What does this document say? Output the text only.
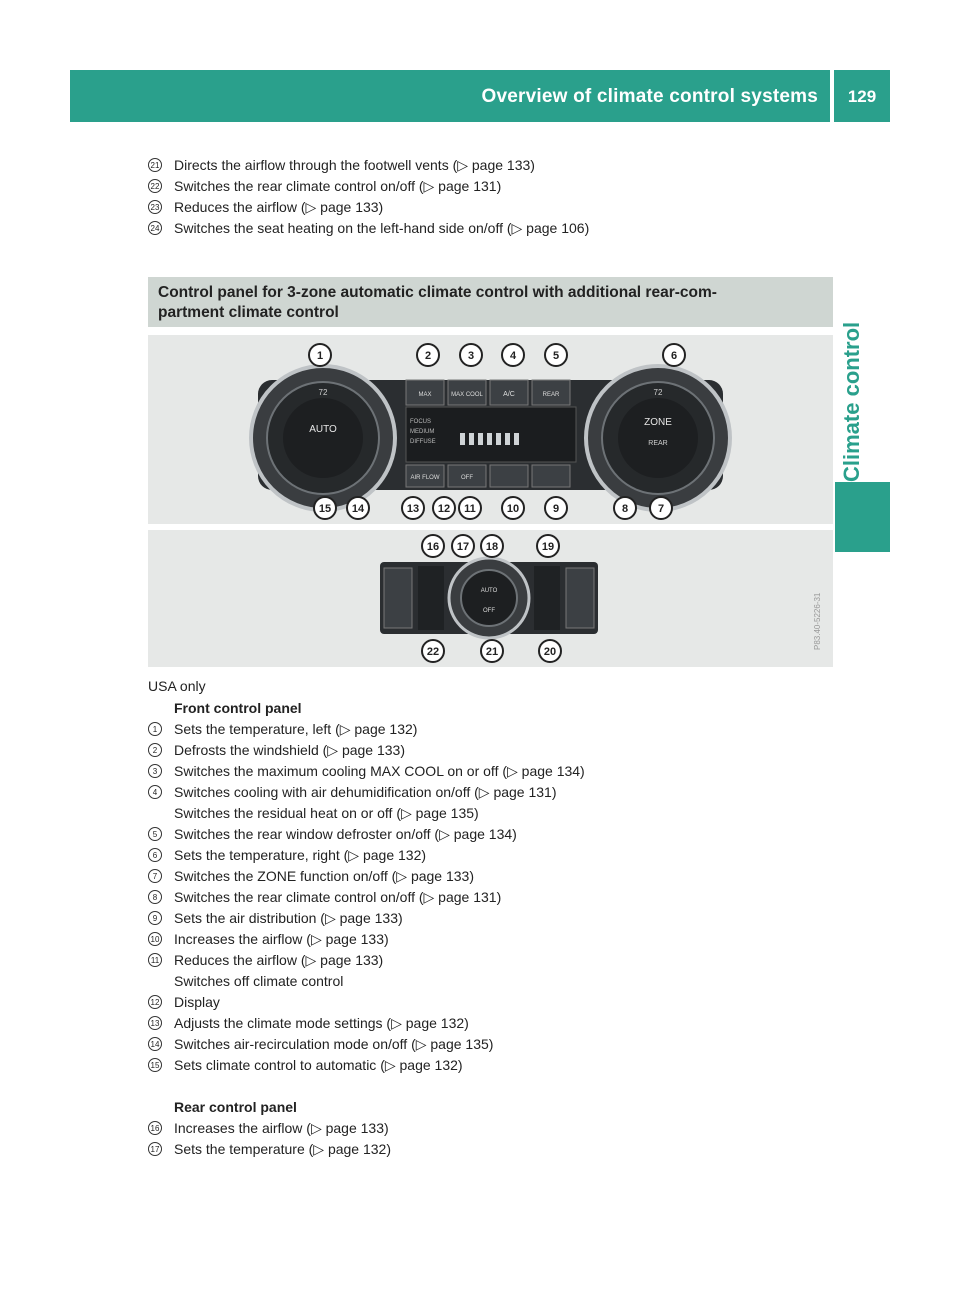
Overview of climate control systems	129
Climate control
21 Directs the airflow through the footwell vents (▷ page 133)
22 Switches the rear climate control on/off (▷ page 131)
23 Reduces the airflow (▷ page 133)
24 Switches the seat heating on the left-hand side on/off (▷ page 106)
Control panel for 3-zone automatic climate control with additional rear-com-
partment climate control
AUTO
72
ZONE
REAR
72
FOCUS
MEDIUM
DIFFUSE
MAX	MAX COOL	A/C	REAR
AIR FLOW	OFF
1	2	3	4	5	6
15 14	13 12 11	10	9	8	7
AUTO
OFF
16 17 18	19
22	21	20
P83.40-5226-31
USA only
Front control panel
1	Sets the temperature, left (▷ page 132)
2	Defrosts the windshield (▷ page 133)
3	Switches the maximum cooling MAX COOL on or off (▷ page 134)
4	Switches cooling with air dehumidification on/off (▷ page 131)
Switches the residual heat on or off (▷ page 135)
5	Switches the rear window defroster on/off (▷ page 134)
6	Sets the temperature, right (▷ page 132)
7	Switches the ZONE function on/off (▷ page 133)
8	Switches the rear climate control on/off (▷ page 131)
9	Sets the air distribution (▷ page 133)
10 Increases the airflow (▷ page 133)
11 Reduces the airflow (▷ page 133)
Switches off climate control
12 Display
13 Adjusts the climate mode settings (▷ page 132)
14 Switches air-recirculation mode on/off (▷ page 135)
15 Sets climate control to automatic (▷ page 132)
Rear control panel
16 Increases the airflow (▷ page 133)
17 Sets the temperature (▷ page 132)
